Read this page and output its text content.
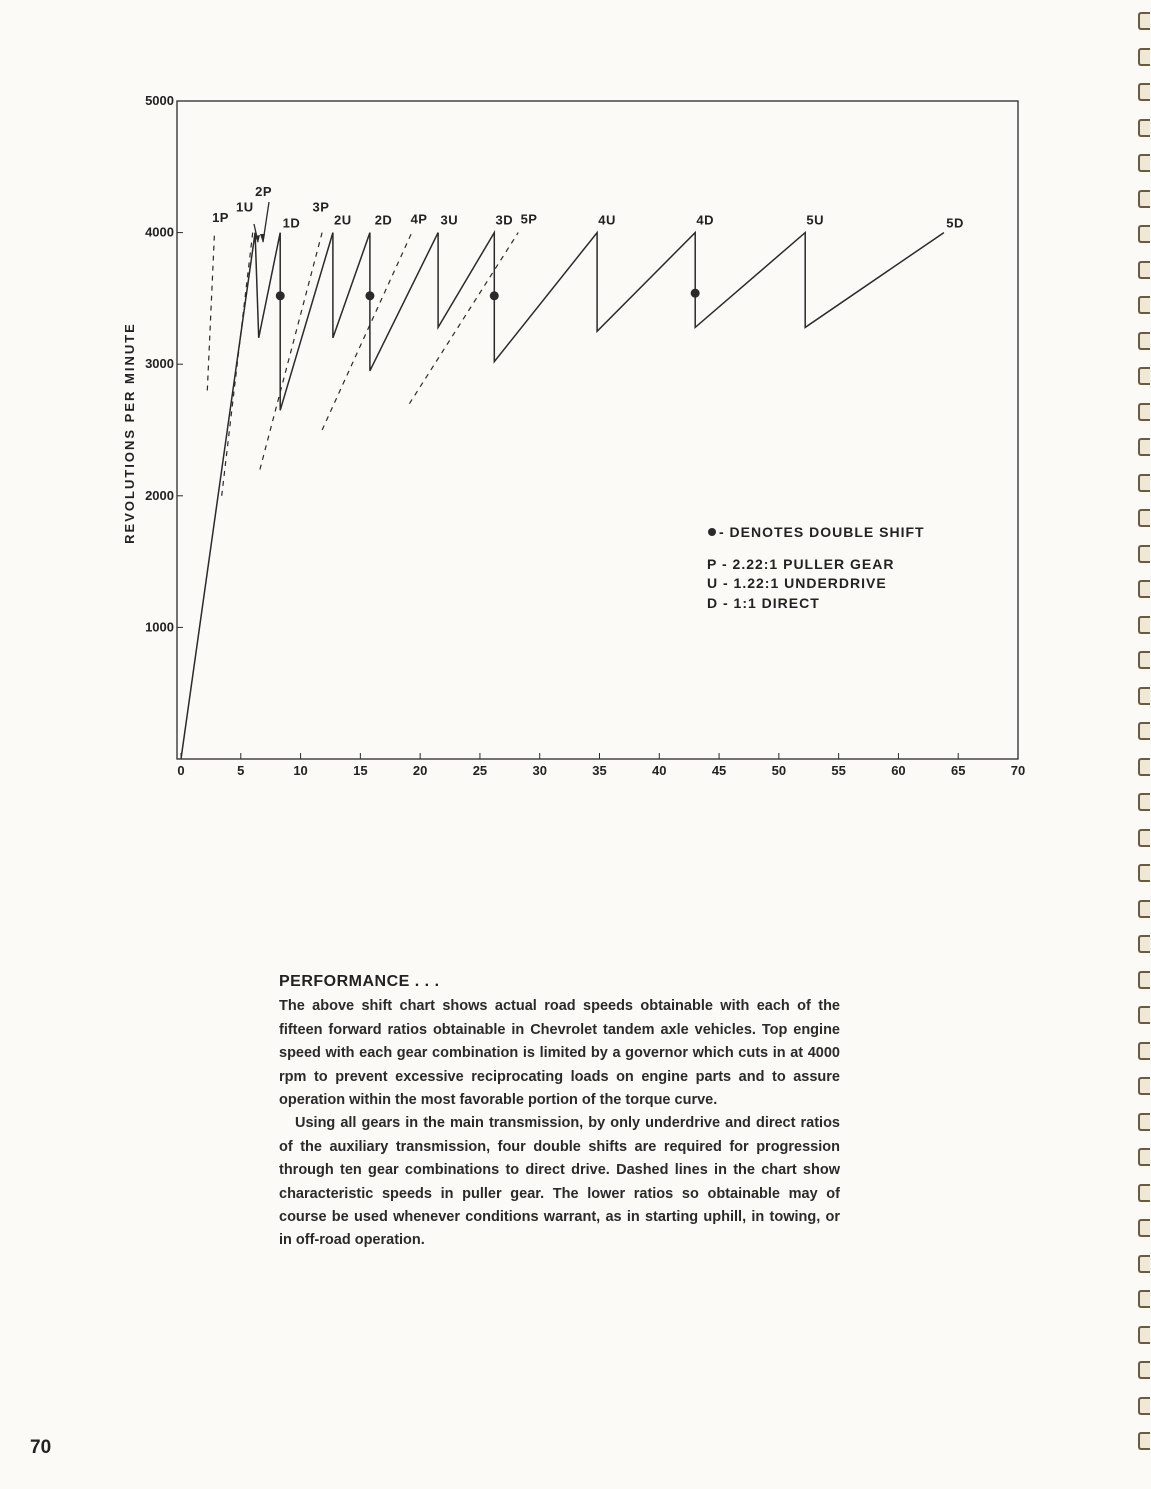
0	5	10	15	20	25	30	35	40	45	50	55	60	65	70
1000
2000
3000
4000
5000
1P
1U
2P
1D
3P
2U 2D 4P 3U	3D 5P	4U	4D	5U	5D
REVOLUTIONS PER MINUTE	- DENOTES DOUBLE SHIFT
P - 2.22:1 PULLER GEAR
U - 1.22:1 UNDERDRIVE
D - 1:1 DIRECT
PERFORMANCE . . .

The above shift chart shows actual road speeds obtainable with each of the fifteen forward ratios obtainable in Chevrolet tandem axle vehicles. Top engine speed with each gear combination is limited by a governor which cuts in at 4000 rpm to prevent excessive reciprocating loads on engine parts and to assure operation within the most favorable portion of the torque curve.

Using all gears in the main transmission, by only underdrive and direct ratios of the auxiliary transmission, four double shifts are required for progression through ten gear combinations to direct drive. Dashed lines in the chart show characteristic speeds in puller gear. The lower ratios so obtainable may of course be used whenever conditions warrant, as in starting uphill, in towing, or in off-road operation.

70
